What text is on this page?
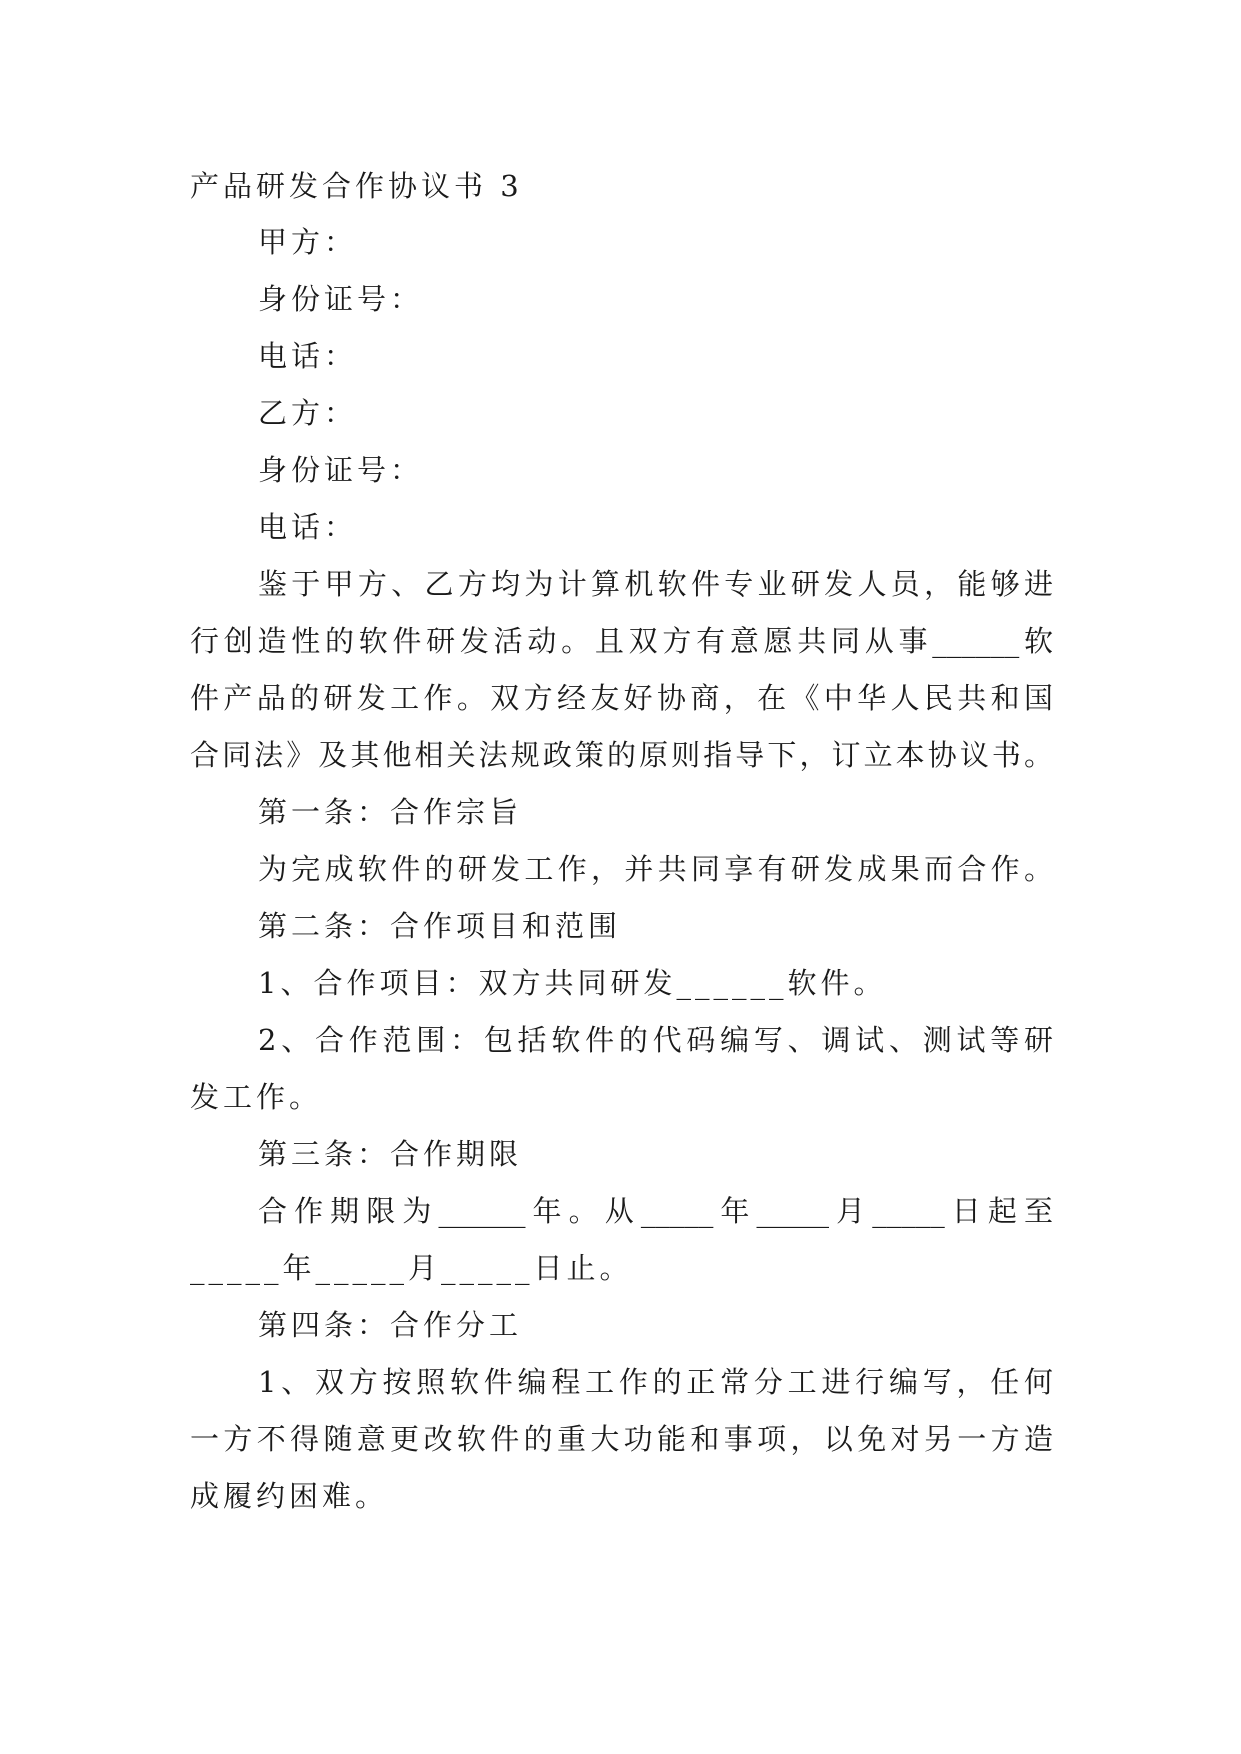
产品研发合作协议书 3

甲方：

身份证号：

电话：

乙方：

身份证号：

电话：

鉴于甲方、乙方均为计算机软件专业研发人员，能够进

行创造性的软件研发活动。且双方有意愿共同从事______软

件产品的研发工作。双方经友好协商，在《中华人民共和国

合同法》及其他相关法规政策的原则指导下，订立本协议书。

第一条：合作宗旨

为完成软件的研发工作，并共同享有研发成果而合作。

第二条：合作项目和范围

1、合作项目：双方共同研发______软件。

2、合作范围：包括软件的代码编写、调试、测试等研

发工作。

第三条：合作期限

合作期限为______年。从_____年_____月_____日起至

_____年_____月_____日止。

第四条：合作分工

1、双方按照软件编程工作的正常分工进行编写，任何

一方不得随意更改软件的重大功能和事项，以免对另一方造

成履约困难。
